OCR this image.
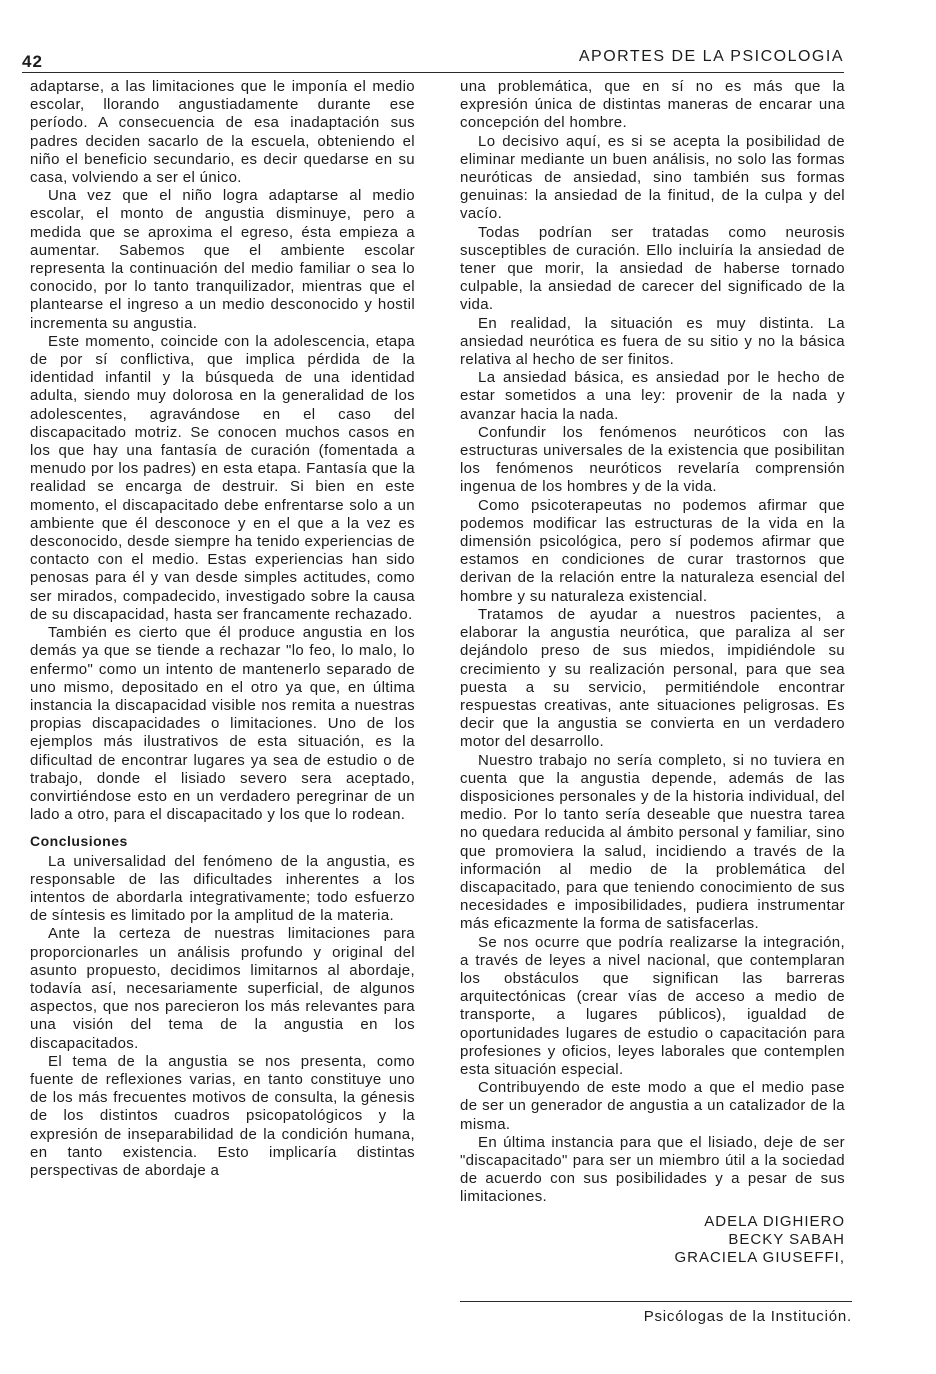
42	APORTES DE LA PSICOLOGIA

adaptarse, a las limitaciones que le imponía el medio escolar, llorando angustiadamente durante ese período. A consecuencia de esa inadaptación sus padres deciden sacarlo de la escuela, obteniendo el niño el beneficio secundario, es decir quedarse en su casa, volviendo a ser el único.

Una vez que el niño logra adaptarse al medio escolar, el monto de angustia disminuye, pero a medida que se aproxima el egreso, ésta empieza a aumentar. Sabemos que el ambiente escolar representa la continuación del medio familiar o sea lo conocido, por lo tanto tranquilizador, mientras que el plantearse el ingreso a un medio desconocido y hostil incrementa su angustia.

Este momento, coincide con la adolescencia, etapa de por sí conflictiva, que implica pérdida de la identidad infantil y la búsqueda de una identidad adulta, siendo muy dolorosa en la generalidad de los adolescentes, agravándose en el caso del discapacitado motriz. Se conocen muchos casos en los que hay una fantasía de curación (fomentada a menudo por los padres) en esta etapa. Fantasía que la realidad se encarga de destruir. Si bien en este momento, el discapacitado debe enfrentarse solo a un ambiente que él desconoce y en el que a la vez es desconocido, desde siempre ha tenido experiencias de contacto con el medio. Estas experiencias han sido penosas para él y van desde simples actitudes, como ser mirados, compadecido, investigado sobre la causa de su discapacidad, hasta ser francamente rechazado.

También es cierto que él produce angustia en los demás ya que se tiende a rechazar "lo feo, lo malo, lo enfermo" como un intento de mantenerlo separado de uno mismo, depositado en el otro ya que, en última instancia la discapacidad visible nos remita a nuestras propias discapacidades o limitaciones. Uno de los ejemplos más ilustrativos de esta situación, es la dificultad de encontrar lugares ya sea de estudio o de trabajo, donde el lisiado severo sera aceptado, convirtiéndose esto en un verdadero peregrinar de un lado a otro, para el discapacitado y los que lo rodean.

Conclusiones

La universalidad del fenómeno de la angustia, es responsable de las dificultades inherentes a los intentos de abordarla integrativamente; todo esfuerzo de síntesis es limitado por la amplitud de la materia.

Ante la certeza de nuestras limitaciones para proporcionarles un análisis profundo y original del asunto propuesto, decidimos limitarnos al abordaje, todavía así, necesariamente superficial, de algunos aspectos, que nos parecieron los más relevantes para una visión del tema de la angustia en los discapacitados.

El tema de la angustia se nos presenta, como fuente de reflexiones varias, en tanto constituye uno de los más frecuentes motivos de consulta, la génesis de los distintos cuadros psicopatológicos y la expresión de inseparabilidad de la condición humana, en tanto existencia. Esto implicaría distintas perspectivas de abordaje a

una problemática, que en sí no es más que la expresión única de distintas maneras de encarar una concepción del hombre.

Lo decisivo aquí, es si se acepta la posibilidad de eliminar mediante un buen análisis, no solo las formas neuróticas de ansiedad, sino también sus formas genuinas: la ansiedad de la finitud, de la culpa y del vacío.

Todas podrían ser tratadas como neurosis susceptibles de curación. Ello incluiría la ansiedad de tener que morir, la ansiedad de haberse tornado culpable, la ansiedad de carecer del significado de la vida.

En realidad, la situación es muy distinta. La ansiedad neurótica es fuera de su sitio y no la básica relativa al hecho de ser finitos.

La ansiedad básica, es ansiedad por le hecho de estar sometidos a una ley: provenir de la nada y avanzar hacia la nada.

Confundir los fenómenos neuróticos con las estructuras universales de la existencia que posibilitan los fenómenos neuróticos revelaría comprensión ingenua de los hombres y de la vida.

Como psicoterapeutas no podemos afirmar que podemos modificar las estructuras de la vida en la dimensión psicológica, pero sí podemos afirmar que estamos en condiciones de curar trastornos que derivan de la relación entre la naturaleza esencial del hombre y su naturaleza existencial.

Tratamos de ayudar a nuestros pacientes, a elaborar la angustia neurótica, que paraliza al ser dejándolo preso de sus miedos, impidiéndole su crecimiento y su realización personal, para que sea puesta a su servicio, permitiéndole encontrar respuestas creativas, ante situaciones peligrosas. Es decir que la angustia se convierta en un verdadero motor del desarrollo.

Nuestro trabajo no sería completo, si no tuviera en cuenta que la angustia depende, además de las disposiciones personales y de la historia individual, del medio. Por lo tanto sería deseable que nuestra tarea no quedara reducida al ámbito personal y familiar, sino que promoviera la salud, incidiendo a través de la información al medio de la problemática del discapacitado, para que teniendo conocimiento de sus necesidades e imposibilidades, pudiera instrumentar más eficazmente la forma de satisfacerlas.

Se nos ocurre que podría realizarse la integración, a través de leyes a nivel nacional, que contemplaran los obstáculos que significan las barreras arquitectónicas (crear vías de acceso a medio de transporte, a lugares públicos), igualdad de oportunidades lugares de estudio o capacitación para profesiones y oficios, leyes laborales que contemplen esta situación especial.

Contribuyendo de este modo a que el medio pase de ser un generador de angustia a un catalizador de la misma.

En última instancia para que el lisiado, deje de ser "discapacitado" para ser un miembro útil a la sociedad de acuerdo con sus posibilidades y a pesar de sus limitaciones.

ADELA DIGHIERO
BECKY SABAH
GRACIELA GIUSEFFI,
Psicólogas de la Institución.
